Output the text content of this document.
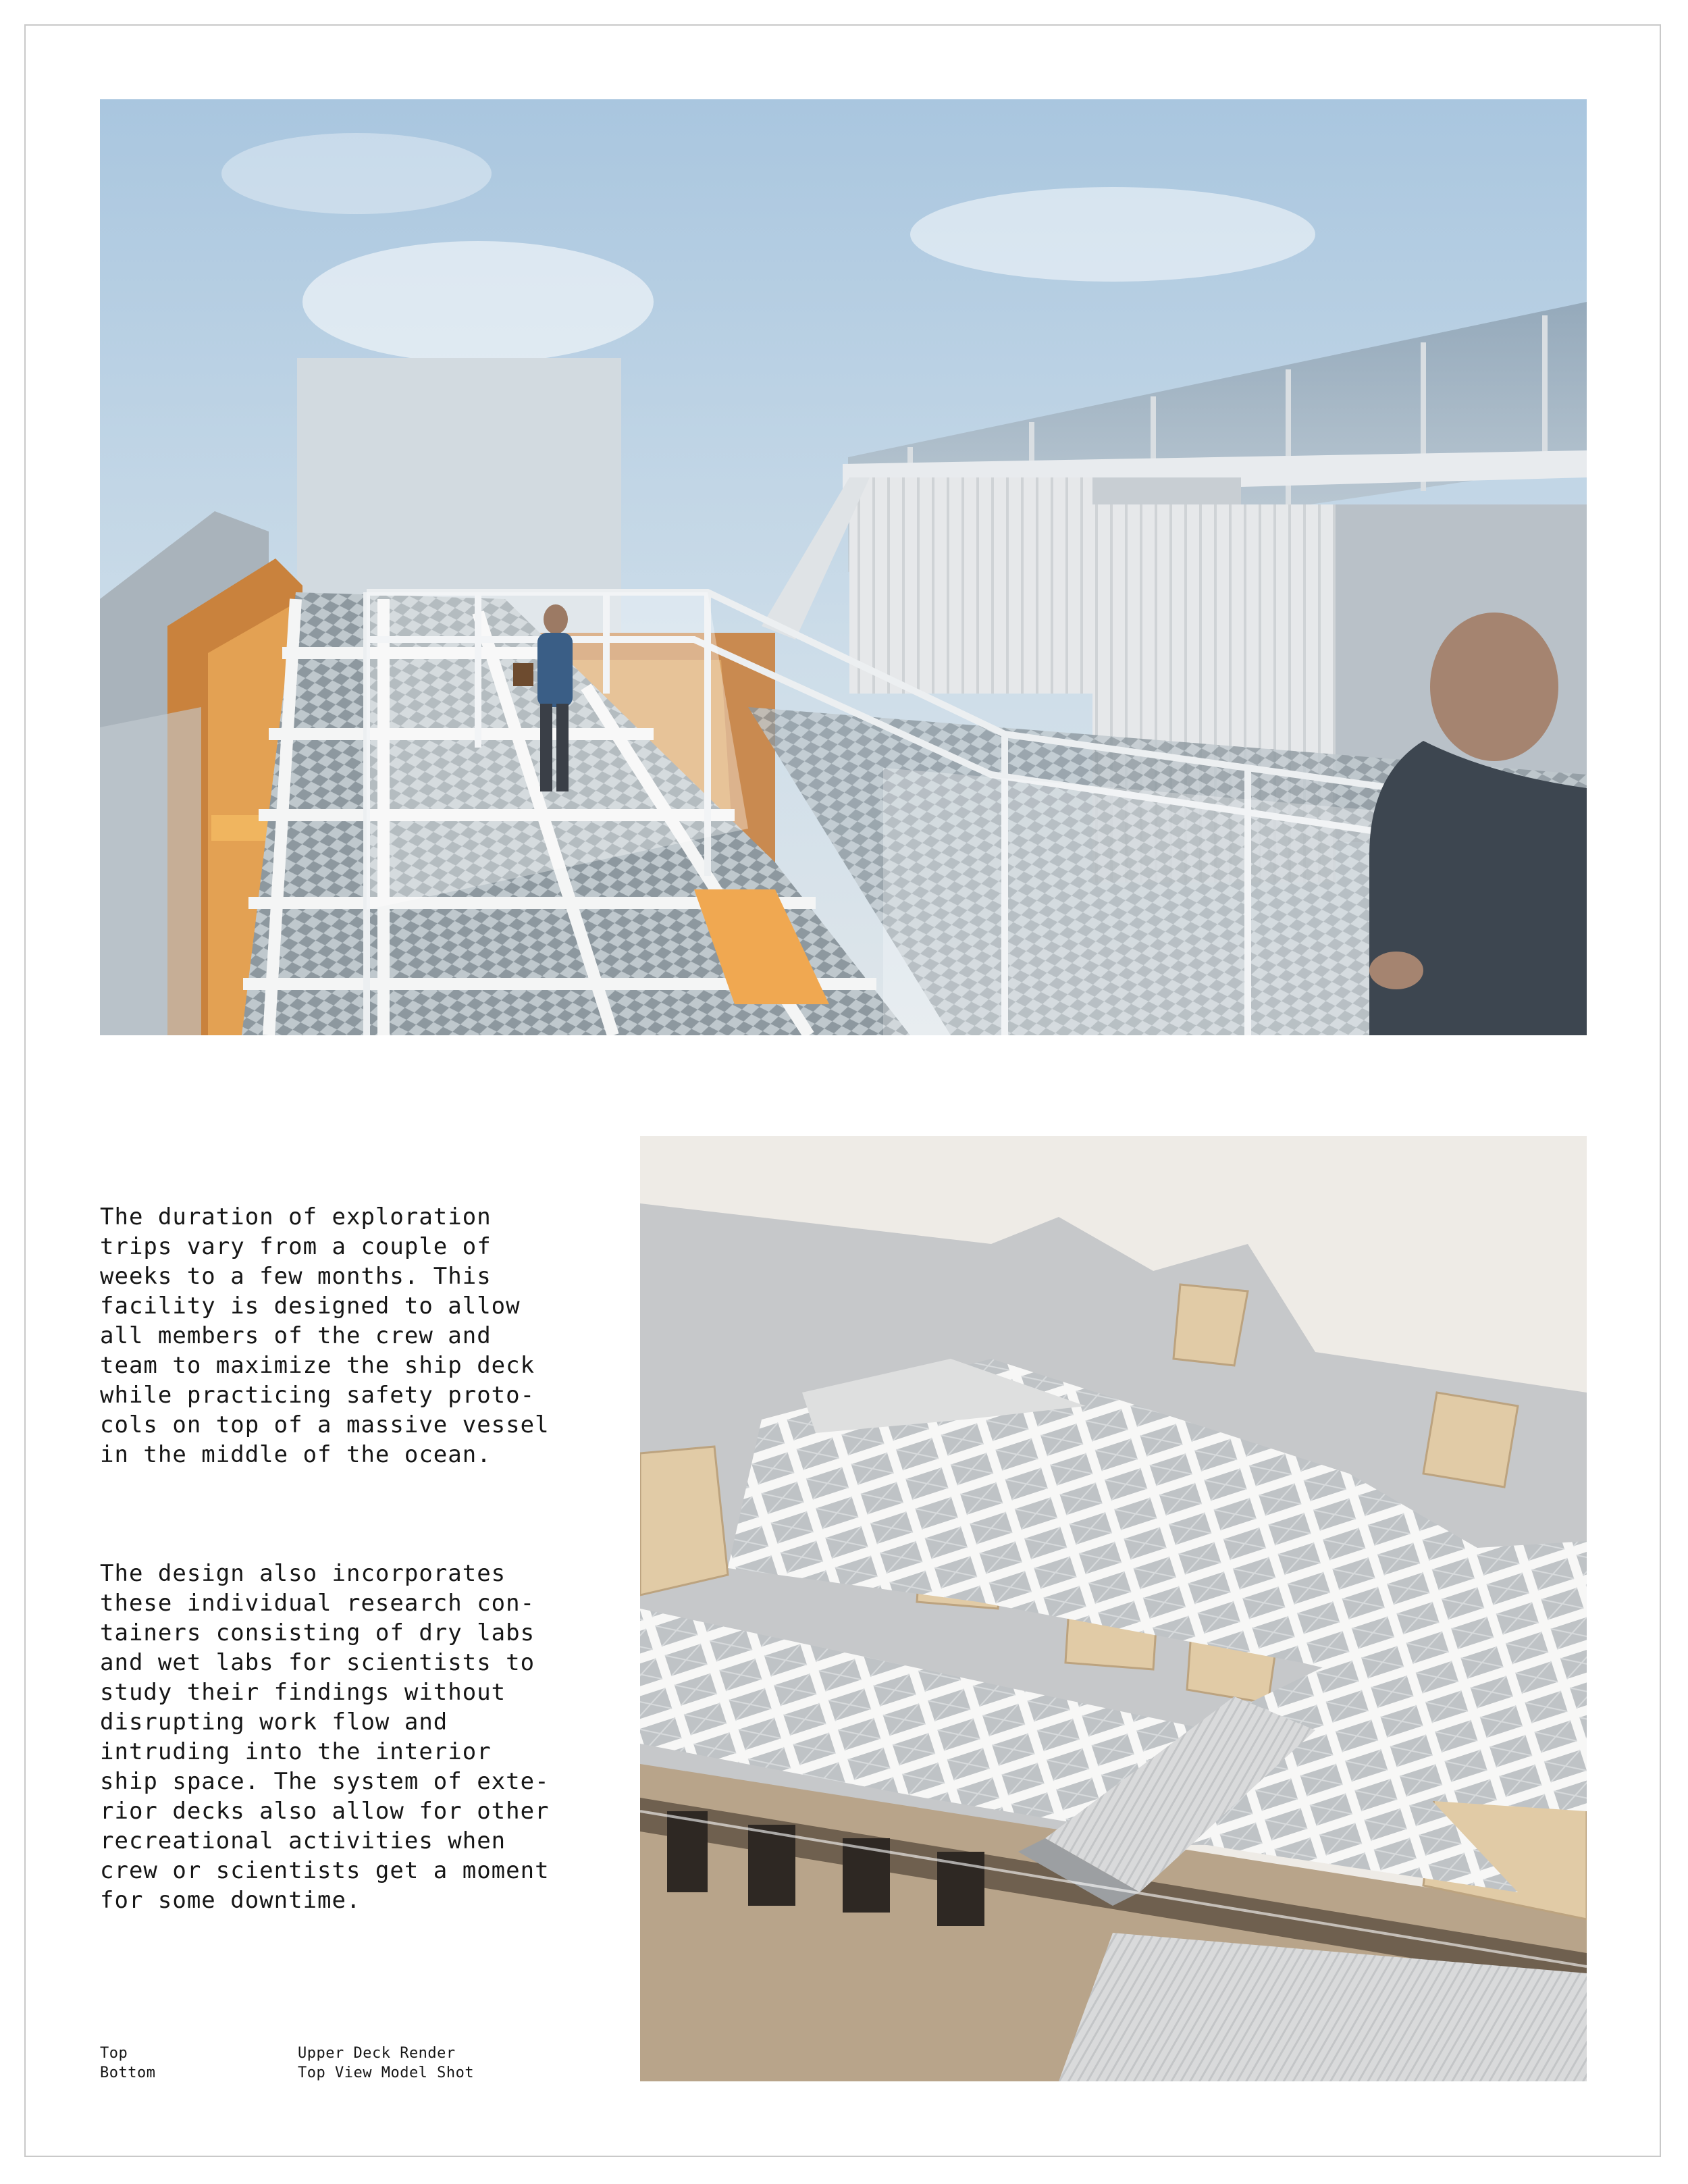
The duration of exploration
trips vary from a couple of
weeks to a few months. This
facility is designed to allow
all members of the crew and
team to maximize the ship deck
while practicing safety proto-
cols on top of a massive vessel
in the middle of the ocean.

The design also incorporates
these individual research con-
tainers consisting of dry labs
and wet labs for scientists to
study their findings without
disrupting work flow and
intruding into the interior
ship space. The system of exte-
rior decks also allow for other
recreational activities when
crew or scientists get a moment
for some downtime.

Top
Bottom
Upper Deck Render
Top View Model Shot
